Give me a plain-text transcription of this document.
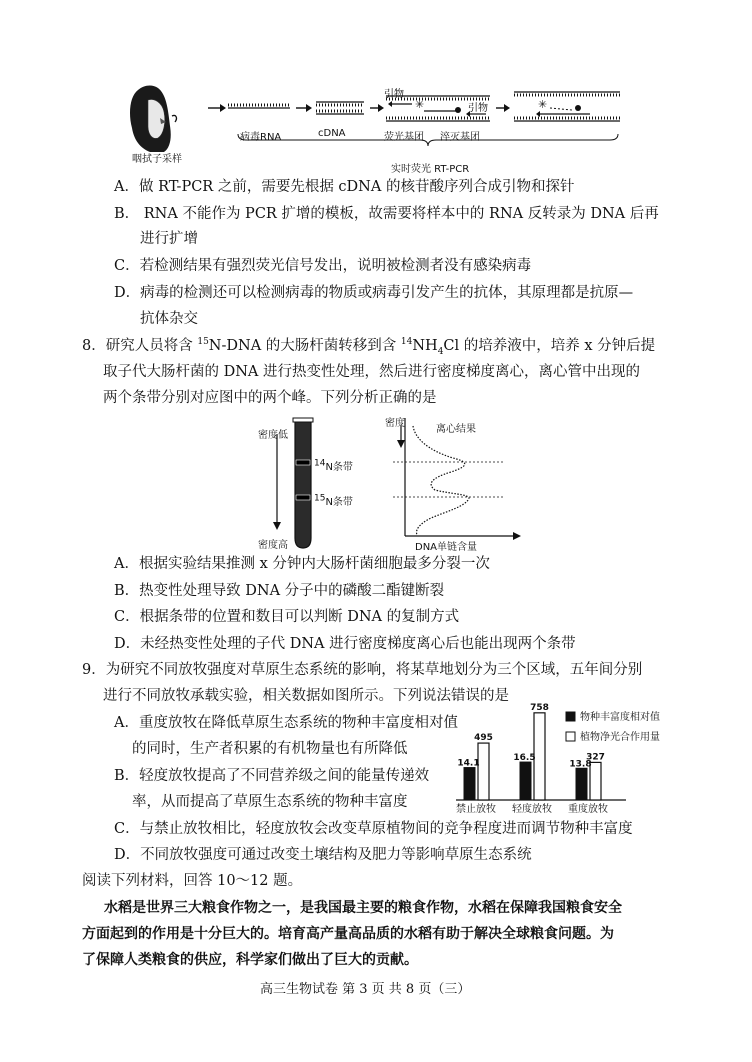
✳	✳
咽拭子采样
病毒RNA	cDNA
引物
引物
荧光基团 淬灭基团
实时荧光 RT-PCR
A．做 RT-PCR 之前，需要先根据 cDNA 的核苷酸序列合成引物和探针
B． RNA 不能作为 PCR 扩增的模板，故需要将样本中的 RNA 反转录为 DNA 后再
进行扩增
C．若检测结果有强烈荧光信号发出，说明被检测者没有感染病毒
D．病毒的检测还可以检测病毒的物质或病毒引发产生的抗体，其原理都是抗原—
抗体杂交
8．研究人员将含 $^{15}$N-DNA 的大肠杆菌转移到含 $^{14}NH_4Cl$ 的培养液中，培养 x 分钟后提
取子代大肠杆菌的 DNA 进行热变性处理，然后进行密度梯度离心，离心管中出现的
两个条带分别对应图中的两个峰。下列分析正确的是
密度低
密度高
14N条带
15N条带
密度
离心结果
DNA单链含量
A．根据实验结果推测 x 分钟内大肠杆菌细胞最多分裂一次
B．热变性处理导致 DNA 分子中的磷酸二酯键断裂
C．根据条带的位置和数目可以判断 DNA 的复制方式
D．未经热变性处理的子代 DNA 进行密度梯度离心后也能出现两个条带
9．为研究不同放牧强度对草原生态系统的影响，将某草地划分为三个区域，五年间分别
进行不同放牧承载实验，相关数据如图所示。下列说法错误的是
A．重度放牧在降低草原生态系统的物种丰富度相对值
的同时，生产者积累的有机物量也有所降低
B．轻度放牧提高了不同营养级之间的能量传递效
率，从而提高了草原生态系统的物种丰富度
14.1
495
禁止放牧
16.5
758
轻度放牧
13.8
327
重度放牧
物种丰富度相对值
植物净光合作用量
C．与禁止放牧相比，轻度放牧会改变草原植物间的竞争程度进而调节物种丰富度
D．不同放牧强度可通过改变土壤结构及肥力等影响草原生态系统
阅读下列材料，回答 10～12 题。
水稻是世界三大粮食作物之一，是我国最主要的粮食作物，水稻在保障我国粮食安全
方面起到的作用是十分巨大的。培育高产量高品质的水稻有助于解决全球粮食问题。为
了保障人类粮食的供应，科学家们做出了巨大的贡献。
高三生物试卷 第 3 页 共 8 页（三）
